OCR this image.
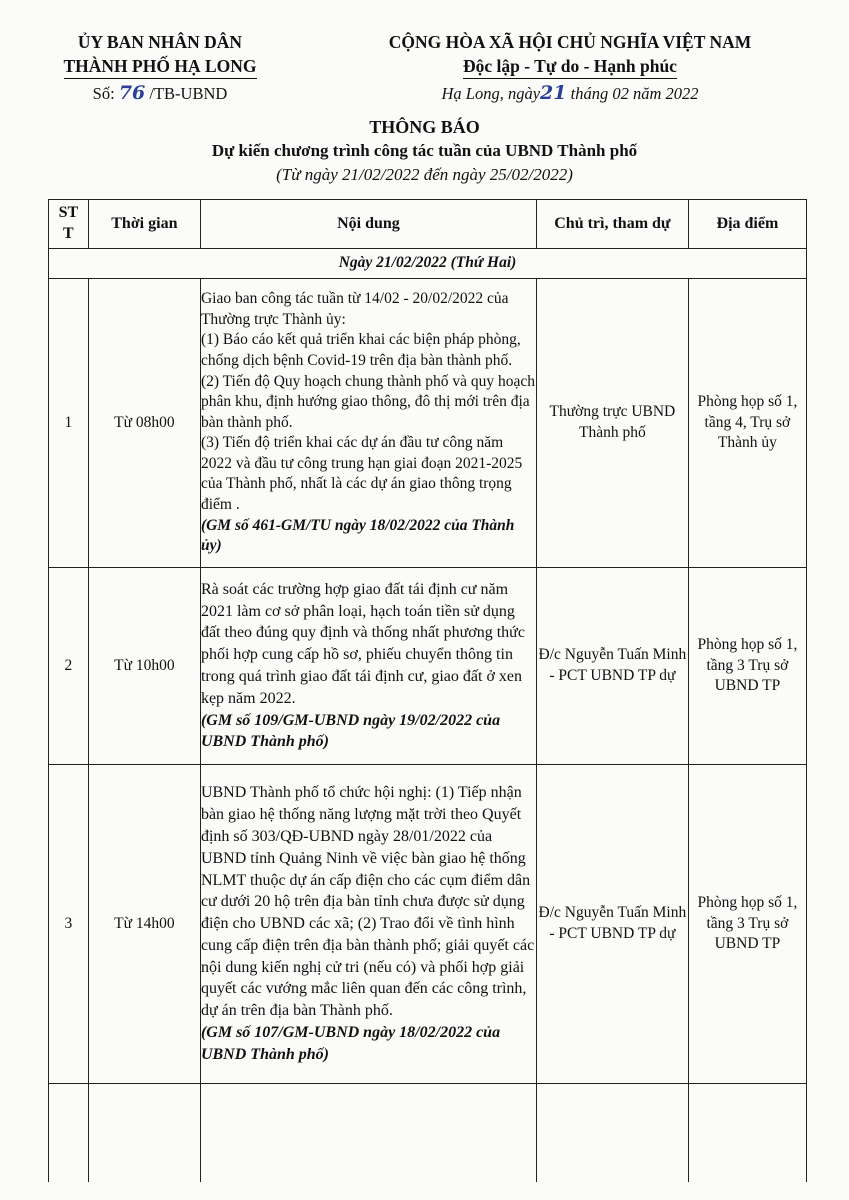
ỦY BAN NHÂN DÂN
THÀNH PHỐ HẠ LONG
Số: 76 /TB-UBND
CỘNG HÒA XÃ HỘI CHỦ NGHĨA VIỆT NAM
Độc lập - Tự do - Hạnh phúc
Hạ Long, ngày21 tháng 02 năm 2022
THÔNG BÁO
Dự kiến chương trình công tác tuần của UBND Thành phố
(Từ ngày 21/02/2022 đến ngày 25/02/2022)
ST
T	Thời gian	Nội dung	Chủ trì, tham dự	Địa điểm
Ngày 21/02/2022 (Thứ Hai)				
1	Từ 08h00	Giao ban công tác tuần từ 14/02 - 20/02/2022 của Thường trực Thành ủy:
(1) Báo cáo kết quả triển khai các biện pháp phòng, chống dịch bệnh Covid-19 trên địa bàn thành phố.
(2) Tiến độ Quy hoạch chung thành phố và quy hoạch phân khu, định hướng giao thông, đô thị mới trên địa bàn thành phố.
(3) Tiến độ triển khai các dự án đầu tư công năm 2022 và đầu tư công trung hạn giai đoạn 2021-2025 của Thành phố, nhất là các dự án giao thông trọng điểm .
(GM số 461-GM/TU ngày 18/02/2022 của Thành ủy)	Thường trực UBND Thành phố	Phòng họp số 1, tầng 4, Trụ sở Thành ủy
2	Từ 10h00	Rà soát các trường hợp giao đất tái định cư năm 2021 làm cơ sở phân loại, hạch toán tiền sử dụng đất theo đúng quy định và thống nhất phương thức phối hợp cung cấp hồ sơ, phiếu chuyển thông tin trong quá trình giao đất tái định cư, giao đất ở xen kẹp năm 2022.
(GM số 109/GM-UBND ngày 19/02/2022 của UBND Thành phố)	Đ/c Nguyễn Tuấn Minh - PCT UBND TP dự	Phòng họp số 1, tầng 3 Trụ sở UBND TP
3	Từ 14h00	UBND Thành phố tổ chức hội nghị: (1) Tiếp nhận bàn giao hệ thống năng lượng mặt trời theo Quyết định số 303/QĐ-UBND ngày 28/01/2022 của UBND tỉnh Quảng Ninh về việc bàn giao hệ thống NLMT thuộc dự án cấp điện cho các cụm điểm dân cư dưới 20 hộ trên địa bàn tỉnh chưa được sử dụng điện cho UBND các xã; (2) Trao đổi về tình hình cung cấp điện trên địa bàn thành phố; giải quyết các nội dung kiến nghị cử tri (nếu có) và phối hợp giải quyết các vướng mắc liên quan đến các công trình, dự án trên địa bàn Thành phố.
(GM số 107/GM-UBND ngày 18/02/2022 của UBND Thành phố)	Đ/c Nguyễn Tuấn Minh - PCT UBND TP dự	Phòng họp số 1, tầng 3 Trụ sở UBND TP
